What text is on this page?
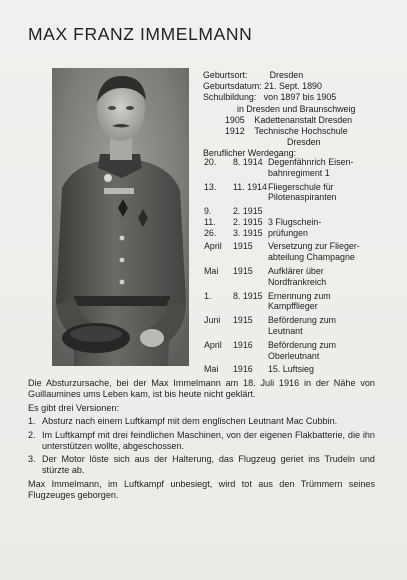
MAX FRANZ IMMELMANN
Geburtsort: Dresden
Geburtsdatum: 21. Sept. 1890
Schulbildung: von 1897 bis 1905
in Dresden und Braunschweig
1905 Kadettenanstalt Dresden
1912 Technische Hochschule
Dresden
Beruflicher Werdegang:
20. 8. 1914 Degenfähnrich Eisen-
bahnregiment 1
13. 11. 1914 Fliegerschule für
Pilotenaspiranten
9. 2. 1915
11. 2. 1915 3 Flugschein-
26. 3. 1915 prüfungen
April 1915	Versetzung zur Flieger-
abteilung Champagne
Mai 1915	Aufklärer über
Nordfrankreich
1. 8. 1915 Ernennung zum
Kampfflieger
Juni 1915	Beförderung zum
Leutnant
April 1916	Beförderung zum
Oberleutnant
Mai 1916	15. Luftsieg

Die Absturzursache, bei der Max Immelmann am 18. Juli 1916 in der Nähe von Guillaumines ums Leben kam, ist bis heute nicht geklärt.

Es gibt drei Versionen:

1. Absturz nach einem Luftkampf mit dem englischen Leutnant Mac Cubbin.
2. Im Luftkampf mit drei feindlichen Maschinen, von der eigenen Flakbatterie, die ihn unterstützen wollte, abgeschossen.
3. Der Motor löste sich aus der Halterung, das Flugzeug geriet ins Trudeln und stürzte ab.

Max Immelmann, im Luftkampf unbesiegt, wird tot aus den Trümmern seines Flugzeuges geborgen.
